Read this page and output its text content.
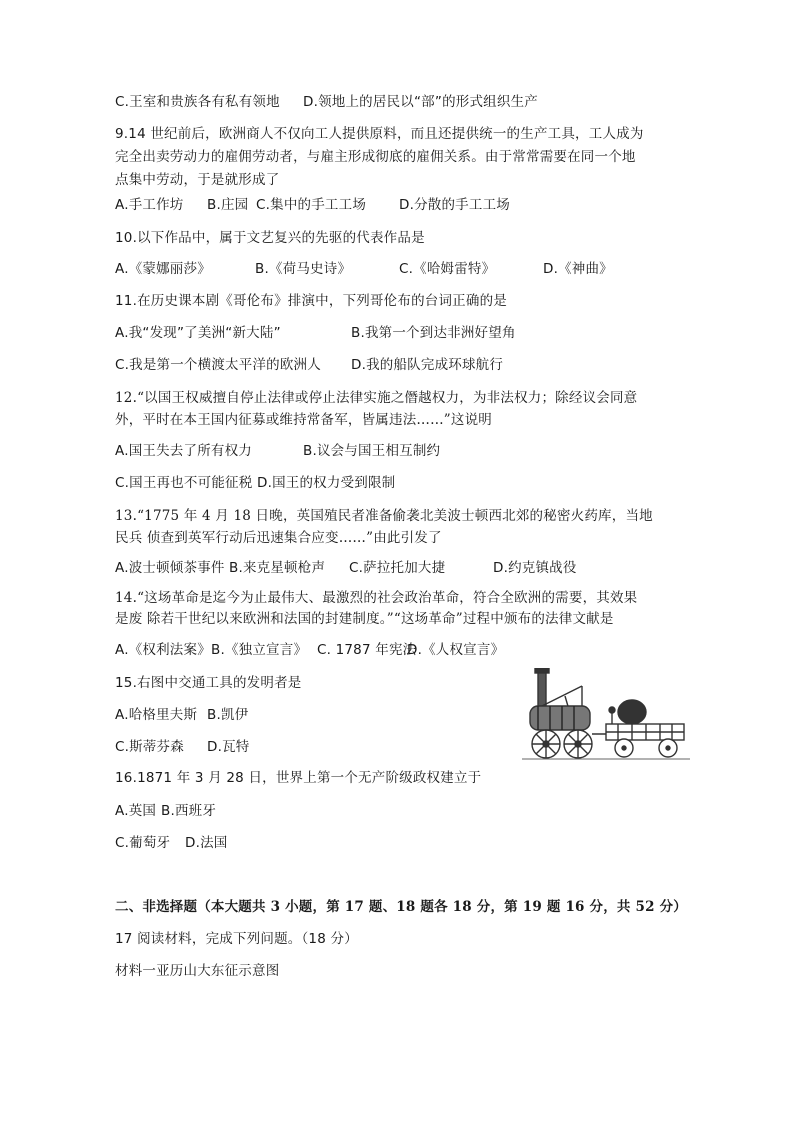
C.王室和贵族各有私有领地 D.领地上的居民以“部”的形式组织生产
9.14 世纪前后，欧洲商人不仅向工人提供原料，而且还提供统一的生产工具，工人成为
完全出卖劳动力的雇佣劳动者，与雇主形成彻底的雇佣关系。由于常常需要在同一个地
点集中劳动，于是就形成了
A.手工作坊 B.庄园 C.集中的手工工场 D.分散的手工工场
10.以下作品中，属于文艺复兴的先驱的代表作品是
A.《蒙娜丽莎》	B.《荷马史诗》	C.《哈姆雷特》	D.《神曲》
11.在历史课本剧《哥伦布》排演中，下列哥伦布的台词正确的是
A.我“发现”了美洲“新大陆”	B.我第一个到达非洲好望角
C.我是第一个横渡太平洋的欧洲人 D.我的船队完成环球航行
12.“以国王权威擅自停止法律或停止法律实施之僭越权力，为非法权力；除经议会同意
外，平时在本王国内征募或维持常备军，皆属违法……”这说明
A.国王失去了所有权力	B.议会与国王相互制约
C.国王再也不可能征税 D.国王的权力受到限制
13.“1775 年 4 月 18 日晚，英国殖民者准备偷袭北美波士顿西北郊的秘密火药库，当地
民兵 侦查到英军行动后迅速集合应变……”由此引发了
A.波士顿倾茶事件 B.来克星顿枪声 C.萨拉托加大捷	D.约克镇战役
14.“这场革命是迄今为止最伟大、最激烈的社会政治革命，符合全欧洲的需要，其效果
是废 除若干世纪以来欧洲和法国的封建制度。”“这场革命”过程中颁布的法律文献是
A.《权利法案》 B.《独立宣言》 C. 1787 年宪法
D.《人权宣言》
15.右图中交通工具的发明者是
A.哈格里夫斯 B.凯伊
C.斯蒂芬森 D.瓦特
16.1871 年 3 月 28 日，世界上第一个无产阶级政权建立于
A.英国 B.西班牙
C.葡萄牙 D.法国
二、非选择题（本大题共 3 小题，第 17 题、18 题各 18 分，第 19 题 16 分，共 52 分）
17 阅读材料，完成下列问题。（18 分）
材料一亚历山大东征示意图
